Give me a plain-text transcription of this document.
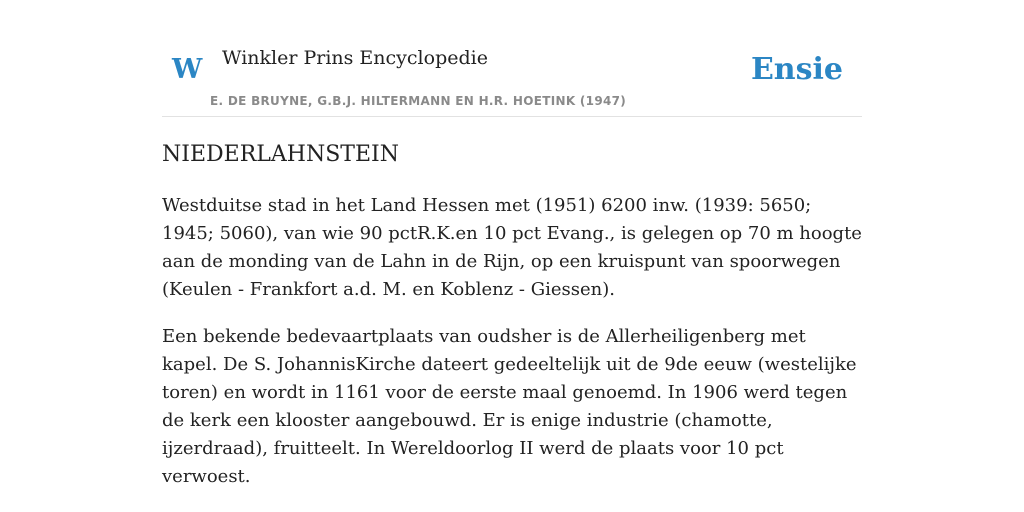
W Winkler Prins Encyclopedie
E. DE BRUYNE, G.B.J. HILTERMANN EN H.R. HOETINK (1947)
Ensie
NIEDERLAHNSTEIN

Westduitse stad in het Land Hessen met (1951) 6200 inw. (1939: 5650; 1945; 5060), van wie 90 pctR.K.en 10 pct Evang., is gelegen op 70 m hoogte aan de monding van de Lahn in de Rijn, op een kruispunt van spoorwegen (Keulen - Frankfort a.d. M. en Koblenz - Giessen).

Een bekende bedevaartplaats van oudsher is de Allerheiligenberg met kapel. De S. JohannisKirche dateert gedeeltelijk uit de 9de eeuw (westelijke toren) en wordt in 1161 voor de eerste maal genoemd. In 1906 werd tegen de kerk een klooster aangebouwd. Er is enige industrie (chamotte, ijzerdraad), fruitteelt. In Wereldoorlog II werd de plaats voor 10 pct verwoest.
